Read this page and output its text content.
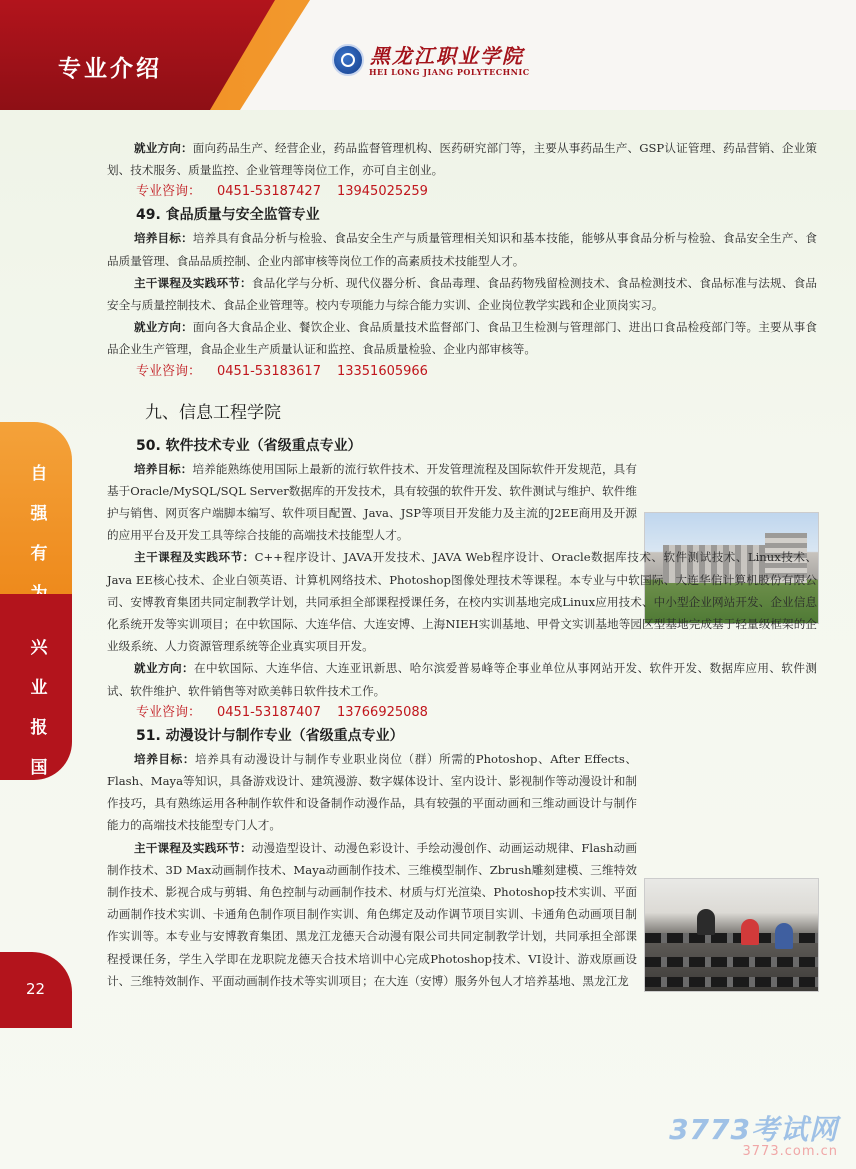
专业介绍	黑龙江职业学院
HEI LONG JIANG POLYTECHNIC
自
强
有
兴
业
报
国
22

就业方向：面向药品生产、经营企业，药品监督管理机构、医药研究部门等，主要从事药品生产、GSP认证管理、药品营销、企业策划、技术服务、质量监控、企业管理等岗位工作，亦可自主创业。

专业咨询： 0451-53187427 13945025259
49. 食品质量与安全监管专业

培养目标：培养具有食品分析与检验、食品安全生产与质量管理相关知识和基本技能，能够从事食品分析与检验、食品安全生产、食品质量管理、食品品质控制、企业内部审核等岗位工作的高素质技术技能型人才。

主干课程及实践环节：食品化学与分析、现代仪器分析、食品毒理、食品药物残留检测技术、食品检测技术、食品标准与法规、食品安全与质量控制技术、食品企业管理等。校内专项能力与综合能力实训、企业岗位教学实践和企业顶岗实习。

就业方向：面向各大食品企业、餐饮企业、食品质量技术监督部门、食品卫生检测与管理部门、进出口食品检疫部门等。主要从事食品企业生产管理，食品企业生产质量认证和监控、食品质量检验、企业内部审核等。

专业咨询： 0451-53183617 13351605966
九、信息工程学院
50. 软件技术专业（省级重点专业）

培养目标：培养能熟练使用国际上最新的流行软件技术、开发管理流程及国际软件开发规范，具有基于Oracle/MySQL/SQL Server数据库的开发技术，具有较强的软件开发、软件测试与维护、软件维护与销售、网页客户端脚本编写、软件项目配置、Java、JSP等项目开发能力及主流的J2EE商用及开源的应用平台及开发工具等综合技能的高端技术技能型人才。

主干课程及实践环节：C++程序设计、JAVA开发技术、JAVA Web程序设计、Oracle数据库技术、软件测试技术、Linux技术、Java EE核心技术、企业白领英语、计算机网络技术、Photoshop图像处理技术等课程。本专业与中软国际、大连华信计算机股份有限公司、安博教育集团共同定制教学计划，共同承担全部课程授课任务，在校内实训基地完成Linux应用技术、中小型企业网站开发、企业信息化系统开发等实训项目；在中软国际、大连华信、大连安博、上海NIEH实训基地、甲骨文实训基地等园区型基地完成基于轻量级框架的企业级系统、人力资源管理系统等企业真实项目开发。

就业方向：在中软国际、大连华信、大连亚讯新思、哈尔滨爱普易峰等企事业单位从事网站开发、软件开发、数据库应用、软件测试、软件维护、软件销售等对欧美韩日软件技术工作。

专业咨询： 0451-53187407 13766925088
51. 动漫设计与制作专业（省级重点专业）

培养目标：培养具有动漫设计与制作专业职业岗位（群）所需的Photoshop、After Effects、Flash、Maya等知识，具备游戏设计、建筑漫游、数字媒体设计、室内设计、影视制作等动漫设计和制作技巧，具有熟练运用各种制作软件和设备制作动漫作品，具有较强的平面动画和三维动画设计与制作能力的高端技术技能型专门人才。

主干课程及实践环节：动漫造型设计、动漫色彩设计、手绘动漫创作、动画运动规律、Flash动画制作技术、3D Max动画制作技术、Maya动画制作技术、三维模型制作、Zbrush雕刻建模、三维特效制作技术、影视合成与剪辑、角色控制与动画制作技术、材质与灯光渲染、Photoshop技术实训、平面动画制作技术实训、卡通角色制作项目制作实训、角色绑定及动作调节项目实训、卡通角色动画项目制作实训等。本专业与安博教育集团、黑龙江龙德天合动漫有限公司共同定制教学计划，共同承担全部课程授课任务，学生入学即在龙职院龙德天合技术培训中心完成Photoshop技术、VI设计、游戏原画设计、三维特效制作、平面动画制作技术等实训项目；在大连（安博）服务外包人才培养基地、黑龙江龙

3773考试网
3773.com.cn
